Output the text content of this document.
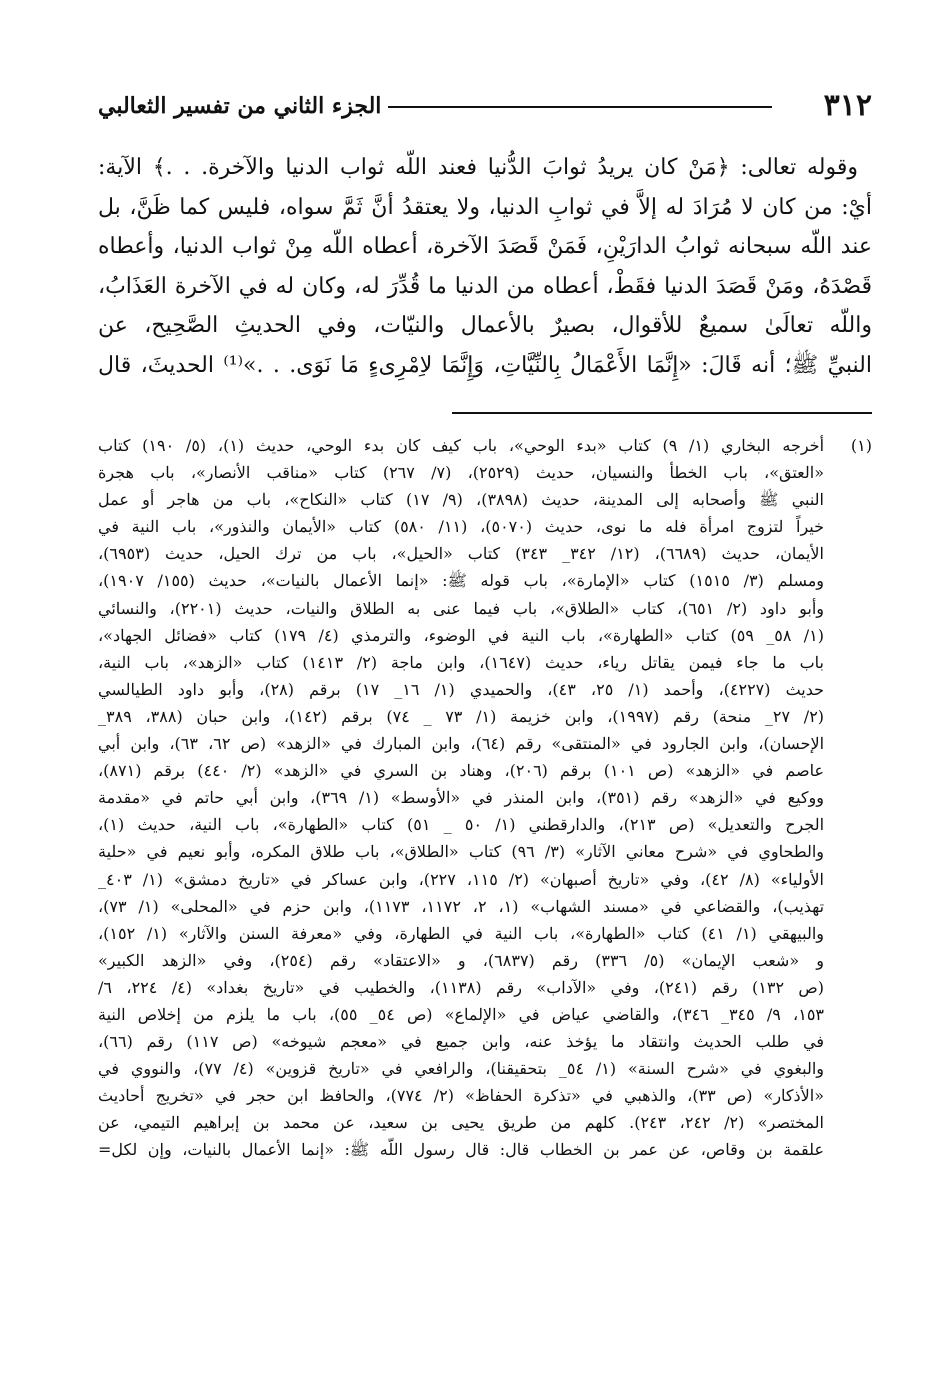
٣١٢
الجزء الثاني من تفسير الثعالبي

وقوله تعالى: ﴿مَنْ كان يريدُ ثوابَ الدُّنيا فعند اللّه ثواب الدنيا والآخرة. . .﴾ الآية:
أيْ: من كان لا مُرَادَ له إلاَّ في ثوابِ الدنيا، ولا يعتقدُ أنَّ ثَمَّ سواه، فليس كما ظَنَّ، بل
عند اللّه سبحانه ثوابُ الدارَيْنِ، فَمَنْ قَصَدَ الآخرة، أعطاه اللّه مِنْ ثواب الدنيا، وأعطاه
قَصْدَهُ، ومَنْ قَصَدَ الدنيا فقَطْ، أعطاه من الدنيا ما قُدِّرَ له، وكان له في الآخرة العَذَابُ،
واللّه تعالَىٰ سميعٌ للأقوال، بصيرٌ بالأعمال والنيّات، وفي الحديثِ الصَّحِيح، عن
النبيِّ ﷺ؛ أنه قَالَ: «إِنَّمَا الأَعْمَالُ بِالنِّيَّاتِ، وَإِنَّمَا لاِمْرِىءٍ مَا نَوَى. . .»⁽¹⁾ الحديثَ، قال

(١)
أخرجه البخاري (١/ ٩) كتاب «بدء الوحي»، باب كيف كان بدء الوحي، حديث (١)، (٥/ ١٩٠) كتاب
«العتق»، باب الخطأ والنسيان، حديث (٢٥٢٩)، (٧/ ٢٦٧) كتاب «مناقب الأنصار»، باب هجرة
النبي ﷺ وأصحابه إلى المدينة، حديث (٣٨٩٨)، (٩/ ١٧) كتاب «النكاح»، باب من هاجر أو عمل
خيراً لتزوج امرأة فله ما نوى، حديث (٥٠٧٠)، (١١/ ٥٨٠) كتاب «الأيمان والنذور»، باب النية في
الأيمان، حديث (٦٦٨٩)، (١٢/ ٣٤٢_ ٣٤٣) كتاب «الحيل»، باب من ترك الحيل، حديث (٦٩٥٣)،
ومسلم (٣/ ١٥١٥) كتاب «الإمارة»، باب قوله ﷺ: «إنما الأعمال بالنيات»، حديث (١٥٥/ ١٩٠٧)،
وأبو داود (٢/ ٦٥١)، كتاب «الطلاق»، باب فيما عنى به الطلاق والنيات، حديث (٢٢٠١)، والنسائي
(١/ ٥٨_ ٥٩) كتاب «الطهارة»، باب النية في الوضوء، والترمذي (٤/ ١٧٩) كتاب «فضائل الجهاد»،
باب ما جاء فيمن يقاتل رياء، حديث (١٦٤٧)، وابن ماجة (٢/ ١٤١٣) كتاب «الزهد»، باب النية،
حديث (٤٢٢٧)، وأحمد (١/ ٢٥، ٤٣)، والحميدي (١/ ١٦_ ١٧) برقم (٢٨)، وأبو داود الطيالسي
(٢/ ٢٧_ منحة) رقم (١٩٩٧)، وابن خزيمة (١/ ٧٣ _ ٧٤) برقم (١٤٢)، وابن حبان (٣٨٨، ٣٨٩_
الإحسان)، وابن الجارود في «المنتقى» رقم (٦٤)، وابن المبارك في «الزهد» (ص ٦٢، ٦٣)، وابن أبي
عاصم في «الزهد» (ص ١٠١) برقم (٢٠٦)، وهناد بن السري في «الزهد» (٢/ ٤٤٠) برقم (٨٧١)،
ووكيع في «الزهد» رقم (٣٥١)، وابن المنذر في «الأوسط» (١/ ٣٦٩)، وابن أبي حاتم في «مقدمة
الجرح والتعديل» (ص ٢١٣)، والدارقطني (١/ ٥٠ _ ٥١) كتاب «الطهارة»، باب النية، حديث (١)،
والطحاوي في «شرح معاني الآثار» (٣/ ٩٦) كتاب «الطلاق»، باب طلاق المكره، وأبو نعيم في «حلية
الأولياء» (٨/ ٤٢)، وفي «تاريخ أصبهان» (٢/ ١١٥، ٢٢٧)، وابن عساكر في «تاريخ دمشق» (١/ ٤٠٣_
تهذيب)، والقضاعي في «مسند الشهاب» (١، ٢، ١١٧٢، ١١٧٣)، وابن حزم في «المحلى» (١/ ٧٣)،
والبيهقي (١/ ٤١) كتاب «الطهارة»، باب النية في الطهارة، وفي «معرفة السنن والآثار» (١/ ١٥٢)،
و «شعب الإيمان» (٥/ ٣٣٦) رقم (٦٨٣٧)، و «الاعتقاد» رقم (٢٥٤)، وفي «الزهد الكبير»
(ص ١٣٢) رقم (٢٤١)، وفي «الآداب» رقم (١١٣٨)، والخطيب في «تاريخ بغداد» (٤/ ٢٢٤، ٦/
١٥٣، ٩/ ٣٤٥_ ٣٤٦)، والقاضي عياض في «الإلماع» (ص ٥٤_ ٥٥)، باب ما يلزم من إخلاص النية
في طلب الحديث وانتقاد ما يؤخذ عنه، وابن جميع في «معجم شيوخه» (ص ١١٧) رقم (٦٦)،
والبغوي في «شرح السنة» (١/ ٥٤_ بتحقيقنا)، والرافعي في «تاريخ قزوين» (٤/ ٧٧)، والنووي في
«الأذكار» (ص ٣٣)، والذهبي في «تذكرة الحفاظ» (٢/ ٧٧٤)، والحافظ ابن حجر في «تخريج أحاديث
المختصر» (٢/ ٢٤٢، ٢٤٣). كلهم من طريق يحيى بن سعيد، عن محمد بن إبراهيم التيمي، عن
علقمة بن وقاص، عن عمر بن الخطاب قال: قال رسول اللّه ﷺ: «إنما الأعمال بالنيات، وإن لكل=
